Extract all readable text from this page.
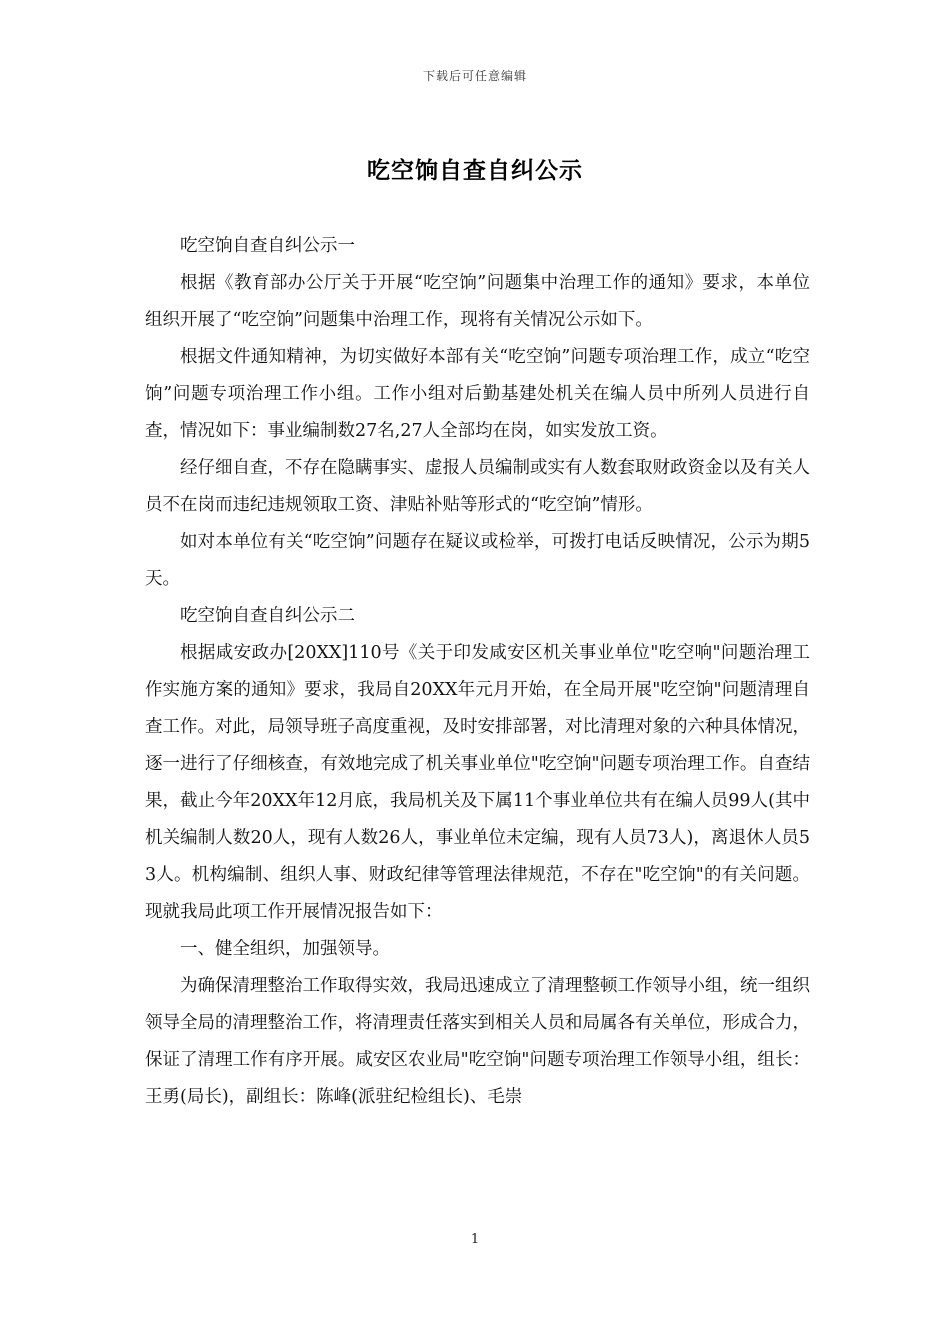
下载后可任意编辑
吃空饷自查自纠公示

吃空饷自查自纠公示一

根据《教育部办公厅关于开展“吃空饷”问题集中治理工作的通知》要求，本单位组织开展了“吃空饷”问题集中治理工作，现将有关情况公示如下。

根据文件通知精神，为切实做好本部有关“吃空饷”问题专项治理工作，成立“吃空饷”问题专项治理工作小组。工作小组对后勤基建处机关在编人员中所列人员进行自查，情况如下：事业编制数27名,27人全部均在岗，如实发放工资。

经仔细自查，不存在隐瞒事实、虚报人员编制或实有人数套取财政资金以及有关人员不在岗而违纪违规领取工资、津贴补贴等形式的“吃空饷”情形。

如对本单位有关“吃空饷”问题存在疑议或检举，可拨打电话反映情况，公示为期5天。

吃空饷自查自纠公示二

根据咸安政办[20XX]110号《关于印发咸安区机关事业单位"吃空响"问题治理工作实施方案的通知》要求，我局自20XX年元月开始，在全局开展"吃空饷"问题清理自查工作。对此，局领导班子高度重视，及时安排部署，对比清理对象的六种具体情况，逐一进行了仔细核查，有效地完成了机关事业单位"吃空饷"问题专项治理工作。自查结果，截止今年20XX年12月底，我局机关及下属11个事业单位共有在编人员99人(其中机关编制人数20人，现有人数26人，事业单位未定编，现有人员73人)，离退休人员53人。机构编制、组织人事、财政纪律等管理法律规范，不存在"吃空饷"的有关问题。现就我局此项工作开展情况报告如下：

一、健全组织，加强领导。

为确保清理整治工作取得实效，我局迅速成立了清理整顿工作领导小组，统一组织领导全局的清理整治工作，将清理责任落实到相关人员和局属各有关单位，形成合力，保证了清理工作有序开展。咸安区农业局"吃空饷"问题专项治理工作领导小组，组长：王勇(局长)，副组长：陈峰(派驻纪检组长)、毛崇

1
